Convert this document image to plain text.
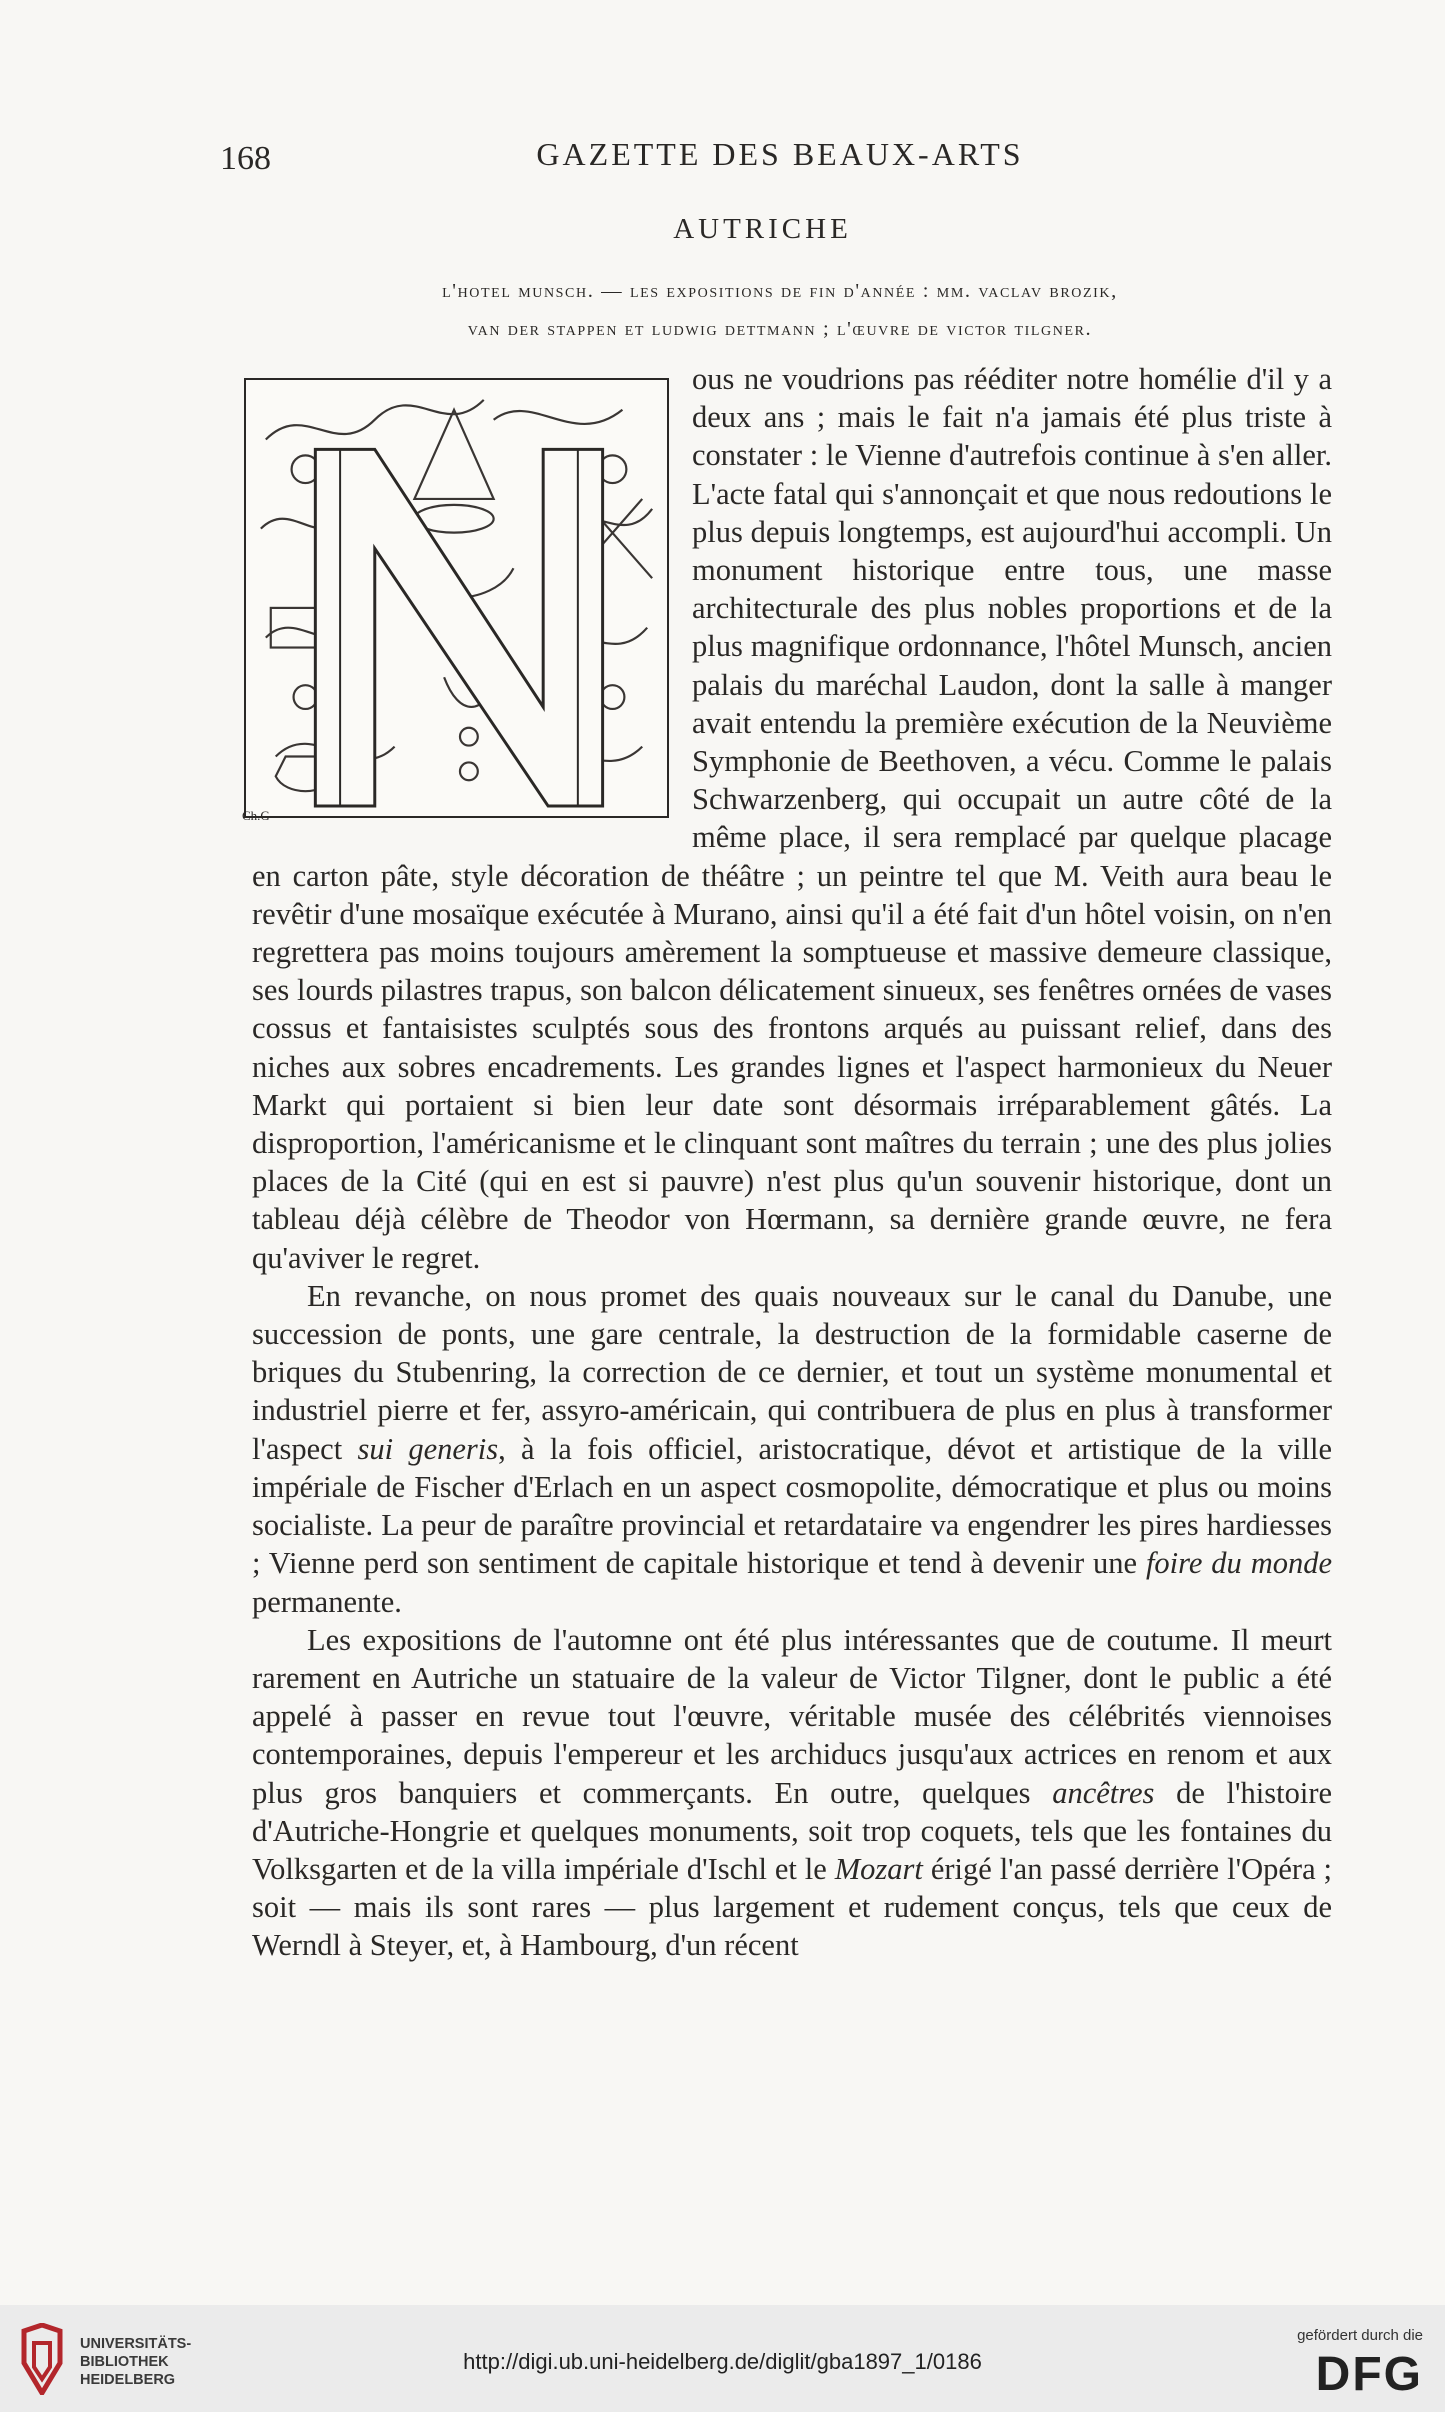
168	GAZETTE DES BEAUX-ARTS
AUTRICHE
l'hotel munsch. — les expositions de fin d'année : mm. vaclav brozik,
van der stappen et ludwig dettmann ; l'œuvre de victor tilgner.
Ch.G

ous ne voudrions pas rééditer notre homélie d'il y a deux ans ; mais le fait n'a jamais été plus triste à constater : le Vienne d'autrefois continue à s'en aller. L'acte fatal qui s'annonçait et que nous redoutions le plus depuis longtemps, est aujourd'hui accompli. Un monument historique entre tous, une masse architecturale des plus nobles proportions et de la plus magnifique ordonnance, l'hôtel Munsch, ancien palais du maréchal Laudon, dont la salle à manger avait entendu la première exécution de la Neuvième Symphonie de Beethoven, a vécu. Comme le palais Schwarzenberg, qui occupait un autre côté de la même place, il sera remplacé par quelque placage en carton pâte, style décoration de théâtre ; un peintre tel que M. Veith aura beau le revêtir d'une mosaïque exécutée à Murano, ainsi qu'il a été fait d'un hôtel voisin, on n'en regrettera pas moins toujours amèrement la somptueuse et massive demeure classique, ses lourds pilastres trapus, son balcon délicatement sinueux, ses fenêtres ornées de vases cossus et fantaisistes sculptés sous des frontons arqués au puissant relief, dans des niches aux sobres encadrements. Les grandes lignes et l'aspect harmonieux du Neuer Markt qui portaient si bien leur date sont désormais irréparablement gâtés. La disproportion, l'américanisme et le clinquant sont maîtres du terrain ; une des plus jolies places de la Cité (qui en est si pauvre) n'est plus qu'un souvenir historique, dont un tableau déjà célèbre de Theodor von Hœrmann, sa dernière grande œuvre, ne fera qu'aviver le regret.

En revanche, on nous promet des quais nouveaux sur le canal du Danube, une succession de ponts, une gare centrale, la destruction de la formidable caserne de briques du Stubenring, la correction de ce dernier, et tout un système monumental et industriel pierre et fer, assyro-américain, qui contribuera de plus en plus à transformer l'aspect sui generis, à la fois officiel, aristocratique, dévot et artistique de la ville impériale de Fischer d'Erlach en un aspect cosmopolite, démocratique et plus ou moins socialiste. La peur de paraître provincial et retardataire va engendrer les pires hardiesses ; Vienne perd son sentiment de capitale historique et tend à devenir une foire du monde permanente.

Les expositions de l'automne ont été plus intéressantes que de coutume. Il meurt rarement en Autriche un statuaire de la valeur de Victor Tilgner, dont le public a été appelé à passer en revue tout l'œuvre, véritable musée des célébrités viennoises contemporaines, depuis l'empereur et les archiducs jusqu'aux actrices en renom et aux plus gros banquiers et commerçants. En outre, quelques ancêtres de l'histoire d'Autriche-Hongrie et quelques monuments, soit trop coquets, tels que les fontaines du Volksgarten et de la villa impériale d'Ischl et le Mozart érigé l'an passé derrière l'Opéra ; soit — mais ils sont rares — plus largement et rudement conçus, tels que ceux de Werndl à Steyer, et, à Hambourg, d'un récent

UNIVERSITÄTS-
BIBLIOTHEK
HEIDELBERG
http://digi.ub.uni-heidelberg.de/diglit/gba1897_1/0186
gefördert durch die
DFG
